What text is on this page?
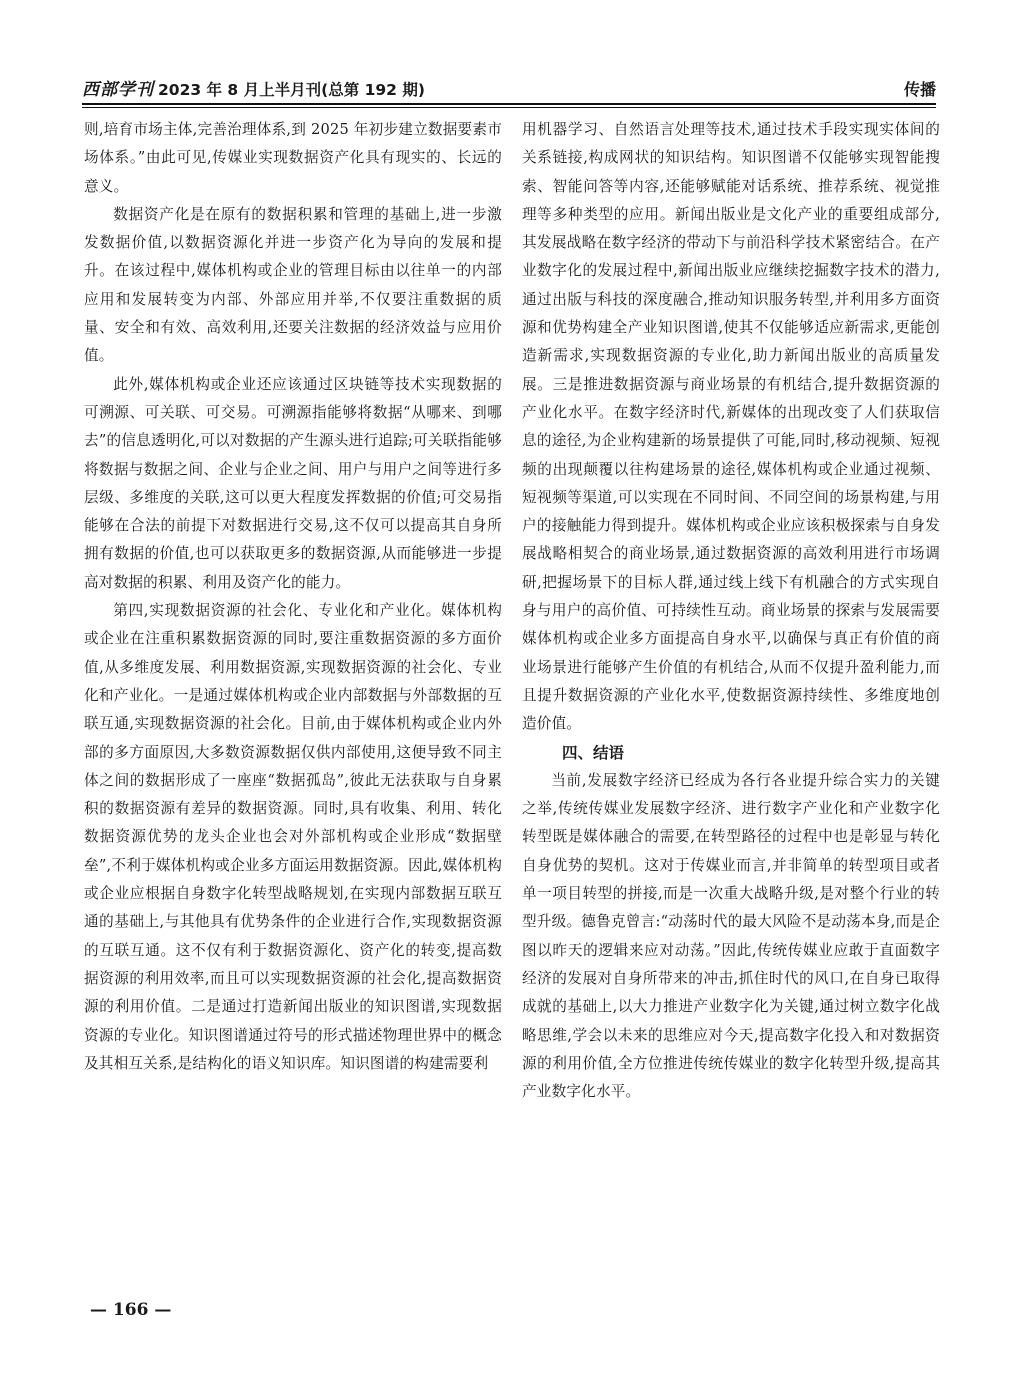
西部学刊 2023 年 8 月上半月刊(总第 192 期)	传播

则,培育市场主体,完善治理体系,到 2025 年初步建立数据要素市场体系。”由此可见,传媒业实现数据资产化具有现实的、长远的意义。

数据资产化是在原有的数据积累和管理的基础上,进一步激发数据价值,以数据资源化并进一步资产化为导向的发展和提升。在该过程中,媒体机构或企业的管理目标由以往单一的内部应用和发展转变为内部、外部应用并举,不仅要注重数据的质量、安全和有效、高效利用,还要关注数据的经济效益与应用价值。

此外,媒体机构或企业还应该通过区块链等技术实现数据的可溯源、可关联、可交易。可溯源指能够将数据“从哪来、到哪去”的信息透明化,可以对数据的产生源头进行追踪;可关联指能够将数据与数据之间、企业与企业之间、用户与用户之间等进行多层级、多维度的关联,这可以更大程度发挥数据的价值;可交易指能够在合法的前提下对数据进行交易,这不仅可以提高其自身所拥有数据的价值,也可以获取更多的数据资源,从而能够进一步提高对数据的积累、利用及资产化的能力。

第四,实现数据资源的社会化、专业化和产业化。媒体机构或企业在注重积累数据资源的同时,要注重数据资源的多方面价值,从多维度发展、利用数据资源,实现数据资源的社会化、专业化和产业化。一是通过媒体机构或企业内部数据与外部数据的互联互通,实现数据资源的社会化。目前,由于媒体机构或企业内外部的多方面原因,大多数资源数据仅供内部使用,这便导致不同主体之间的数据形成了一座座“数据孤岛”,彼此无法获取与自身累积的数据资源有差异的数据资源。同时,具有收集、利用、转化数据资源优势的龙头企业也会对外部机构或企业形成“数据壁垒”,不利于媒体机构或企业多方面运用数据资源。因此,媒体机构或企业应根据自身数字化转型战略规划,在实现内部数据互联互通的基础上,与其他具有优势条件的企业进行合作,实现数据资源的互联互通。这不仅有利于数据资源化、资产化的转变,提高数据资源的利用效率,而且可以实现数据资源的社会化,提高数据资源的利用价值。二是通过打造新闻出版业的知识图谱,实现数据资源的专业化。知识图谱通过符号的形式描述物理世界中的概念及其相互关系,是结构化的语义知识库。知识图谱的构建需要利

用机器学习、自然语言处理等技术,通过技术手段实现实体间的关系链接,构成网状的知识结构。知识图谱不仅能够实现智能搜索、智能问答等内容,还能够赋能对话系统、推荐系统、视觉推理等多种类型的应用。新闻出版业是文化产业的重要组成部分,其发展战略在数字经济的带动下与前沿科学技术紧密结合。在产业数字化的发展过程中,新闻出版业应继续挖掘数字技术的潜力,通过出版与科技的深度融合,推动知识服务转型,并利用多方面资源和优势构建全产业知识图谱,使其不仅能够适应新需求,更能创造新需求,实现数据资源的专业化,助力新闻出版业的高质量发展。三是推进数据资源与商业场景的有机结合,提升数据资源的产业化水平。在数字经济时代,新媒体的出现改变了人们获取信息的途径,为企业构建新的场景提供了可能,同时,移动视频、短视频的出现颠覆以往构建场景的途径,媒体机构或企业通过视频、短视频等渠道,可以实现在不同时间、不同空间的场景构建,与用户的接触能力得到提升。媒体机构或企业应该积极探索与自身发展战略相契合的商业场景,通过数据资源的高效利用进行市场调研,把握场景下的目标人群,通过线上线下有机融合的方式实现自身与用户的高价值、可持续性互动。商业场景的探索与发展需要媒体机构或企业多方面提高自身水平,以确保与真正有价值的商业场景进行能够产生价值的有机结合,从而不仅提升盈利能力,而且提升数据资源的产业化水平,使数据资源持续性、多维度地创造价值。

四、结语

当前,发展数字经济已经成为各行各业提升综合实力的关键之举,传统传媒业发展数字经济、进行数字产业化和产业数字化转型既是媒体融合的需要,在转型路径的过程中也是彰显与转化自身优势的契机。这对于传媒业而言,并非简单的转型项目或者单一项目转型的拼接,而是一次重大战略升级,是对整个行业的转型升级。德鲁克曾言:“动荡时代的最大风险不是动荡本身,而是企图以昨天的逻辑来应对动荡。”因此,传统传媒业应敢于直面数字经济的发展对自身所带来的冲击,抓住时代的风口,在自身已取得成就的基础上,以大力推进产业数字化为关键,通过树立数字化战略思维,学会以未来的思维应对今天,提高数字化投入和对数据资源的利用价值,全方位推进传统传媒业的数字化转型升级,提高其产业数字化水平。

— 166 —
